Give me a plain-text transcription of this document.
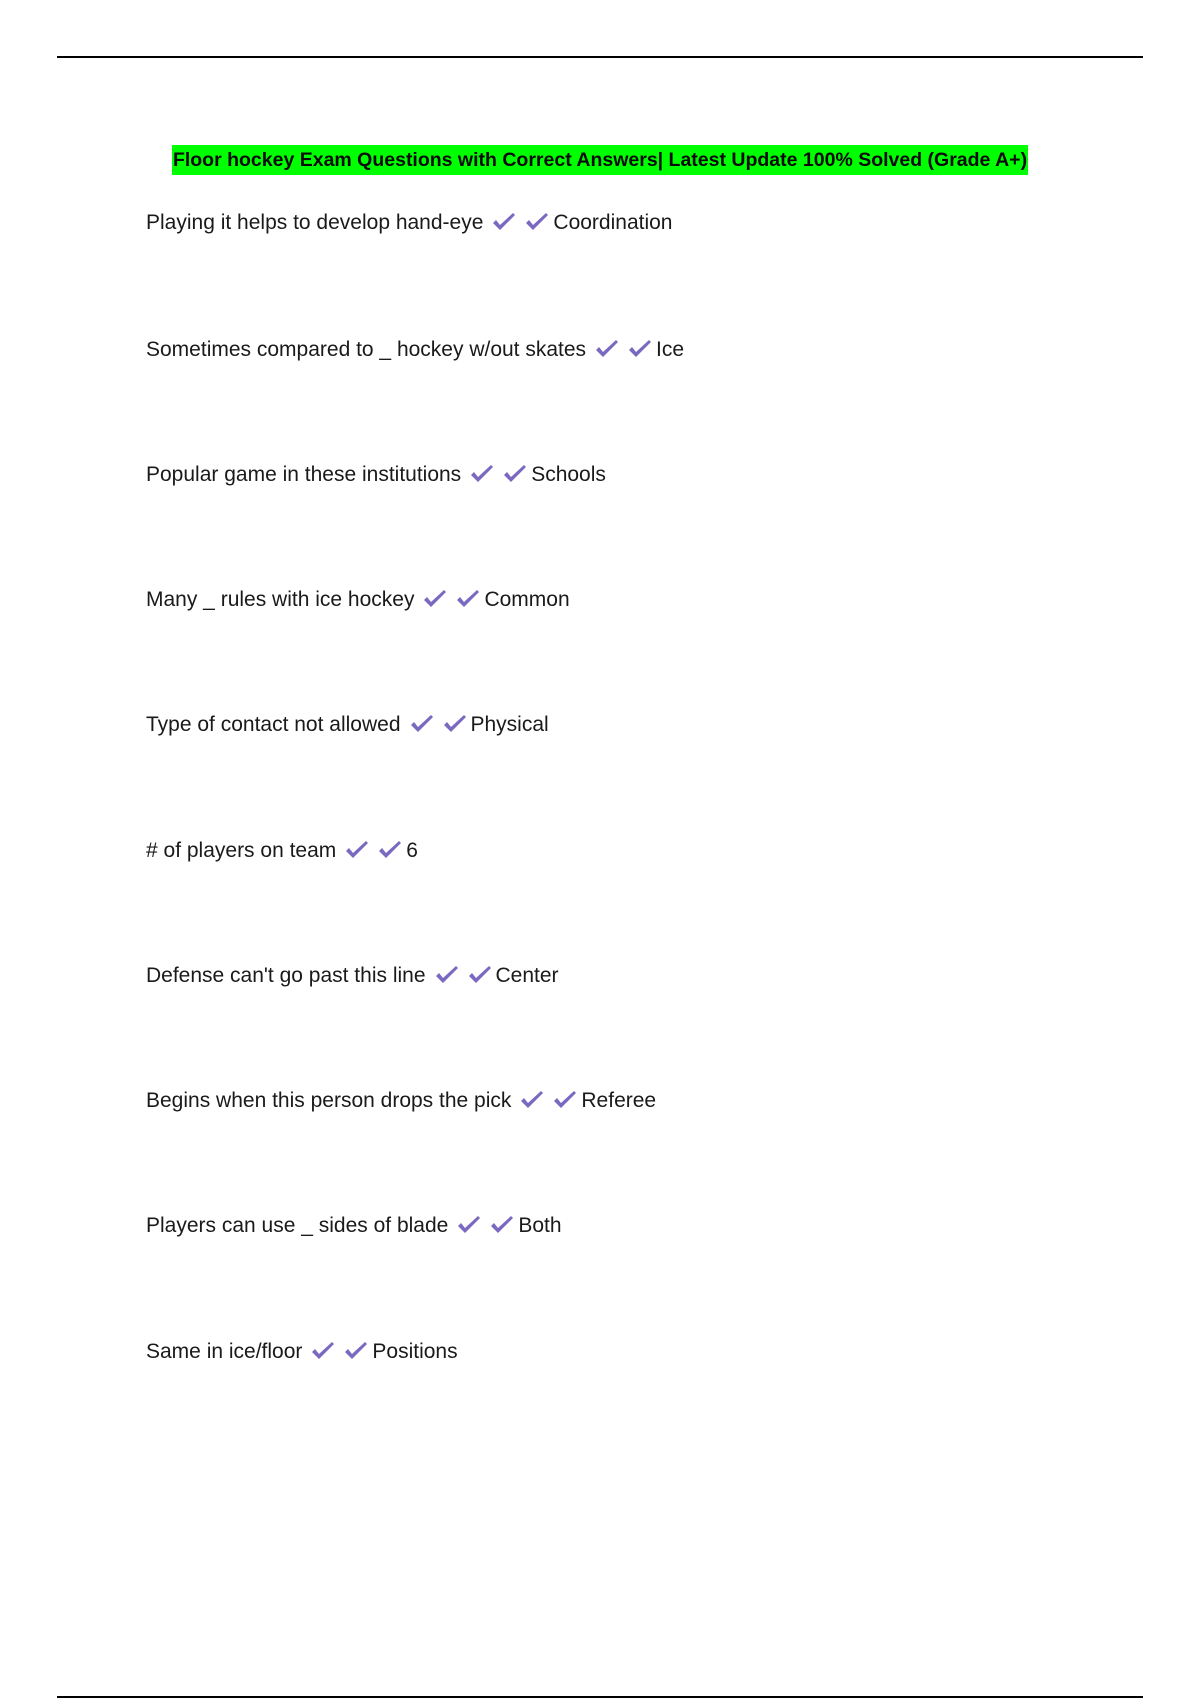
Floor hockey Exam Questions with Correct Answers| Latest Update 100% Solved (Grade A+)
Playing it helps to develop hand-eye	Coordination
Sometimes compared to _ hockey w/out skates	Ice
Popular game in these institutions	Schools
Many _ rules with ice hockey	Common
Type of contact not allowed	Physical
# of players on team	6
Defense can't go past this line	Center
Begins when this person drops the pick	Referee
Players can use _ sides of blade	Both
Same in ice/floor	Positions
